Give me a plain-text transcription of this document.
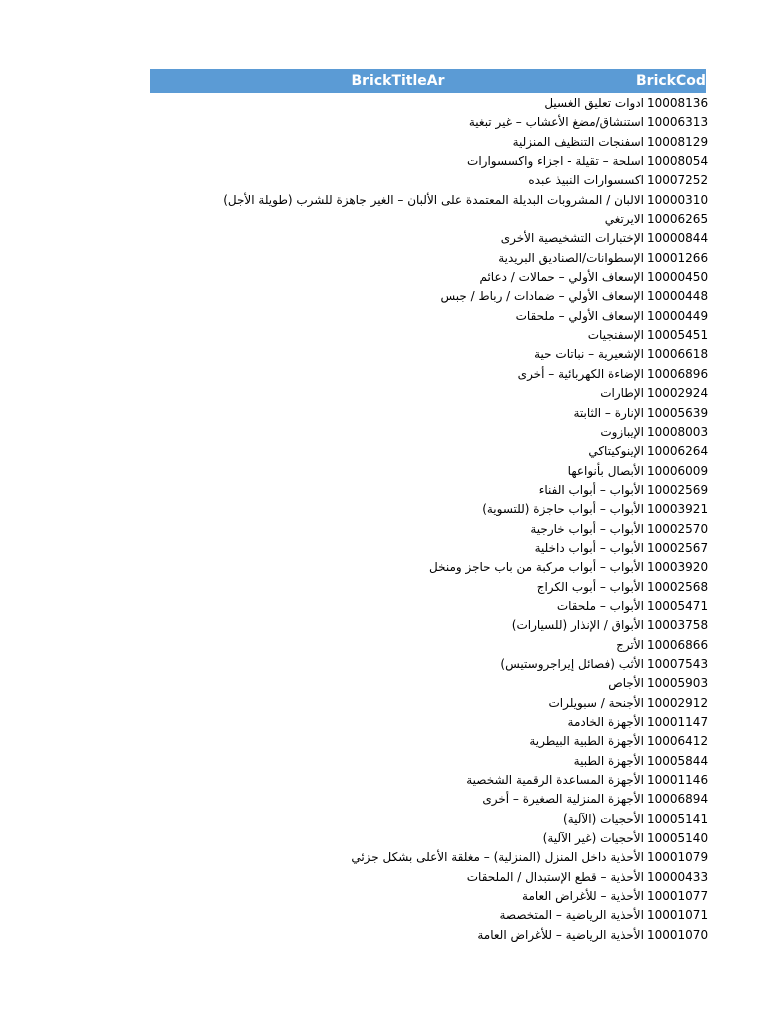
BrickTitleAr	BrickCode
ادوات تعليق الغسيل 10008136
استنشاق/مضغ الأعشاب – غير تبغية 10006313
اسفنجات التنظيف المنزلية 10008129
اسلحة – تقيلة - اجزاء واكسسوارات 10008054
اكسسوارات النبيذ عبده 10007252
الالبان / المشروبات البديلة المعتمدة على الألبان – الغير جاهزة للشرب (طويلة الأجل) 10000310
الايرتغي 10006265
الإختبارات التشخيصية الأخرى 10000844
الإسطوانات/الصناديق البريدية 10001266
الإسعاف الأولي – حمالات / دعائم 10000450
الإسعاف الأولي – ضمادات / رباط / جبس 10000448
الإسعاف الأولي – ملحقات 10000449
الإسفنجيات 10005451
الإشعيرية – نباتات حية 10006618
الإضاءة الكهربائية – أخرى 10006896
الإطارات 10002924
الإنارة – الثابتة 10005639
الإيبازوت 10008003
الإينوكيتاكي 10006264
الأبصال بأنواعها 10006009
الأبواب – أبواب الفناء 10002569
الأبواب – أبواب حاجزة (للتسوية) 10003921
الأبواب – أبواب خارجية 10002570
الأبواب – أبواب داخلية 10002567
الأبواب – أبواب مركبة من باب حاجز ومنخل 10003920
الأبواب – أبوب الكراج 10002568
الأبواب – ملحقات 10005471
الأبواق / الإنذار (للسيارات) 10003758
الأترج 10006866
الأثب (فصائل إيراجروستيس) 10007543
الأجاص 10005903
الأجنحة / سبويلرات 10002912
الأجهزة الخادمة 10001147
الأجهزة الطبية البيطرية 10006412
الأجهزة الطبية 10005844
الأجهزة المساعدة الرقمية الشخصية 10001146
الأجهزة المنزلية الصغيرة – أخرى 10006894
الأحجيات (الآلية) 10005141
الأحجيات (غير الآلية) 10005140
الأحذية داخل المنزل (المنزلية) – مغلقة الأعلى بشكل جزئي 10001079
الأحذية – قطع الإستبدال / الملحقات 10000433
الأحذية – للأغراض العامة 10001077
الأحذية الرياضية – المتخصصة 10001071
الأحذية الرياضية – للأغراض العامة 10001070
